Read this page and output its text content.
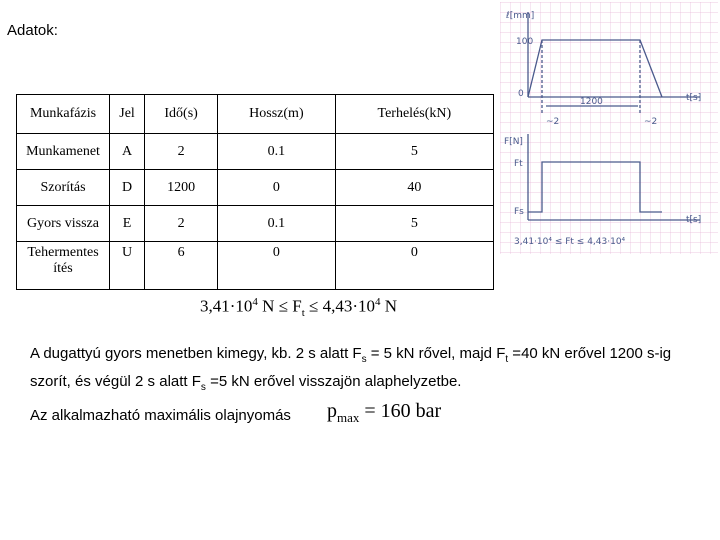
Adatok:
Munkafázis	Jel	Idő(s)	Hossz(m)	Terhelés(kN)
Munkamenet	A	2	0.1	5
Szorítás	D	1200	0	40
Gyors vissza	E	2	0.1	5
Tehermentes ítés	U	6	0	0
ℓ[mm]
100
0	t[s]
1200
~2	~2
F[N]
Ft
Fs
t[s]
3,41·10⁴ ≤ Ft ≤ 4,43·10⁴
$3,41\cdot 10^4$ $N \le F_t \le 4,43\cdot 10^4$ N
A dugattyú gyors menetben kimegy, kb. 2 s alatt $F_s = 5$ kN rővel, majd $F_t =40$ kN erővel 1200 s-ig szorít, és végül 2 s alatt $F_s =5$ kN erővel visszajön alaphelyzetbe.
Az alkalmazható maximális olajnyomás $p_{max} = 160$ bar
